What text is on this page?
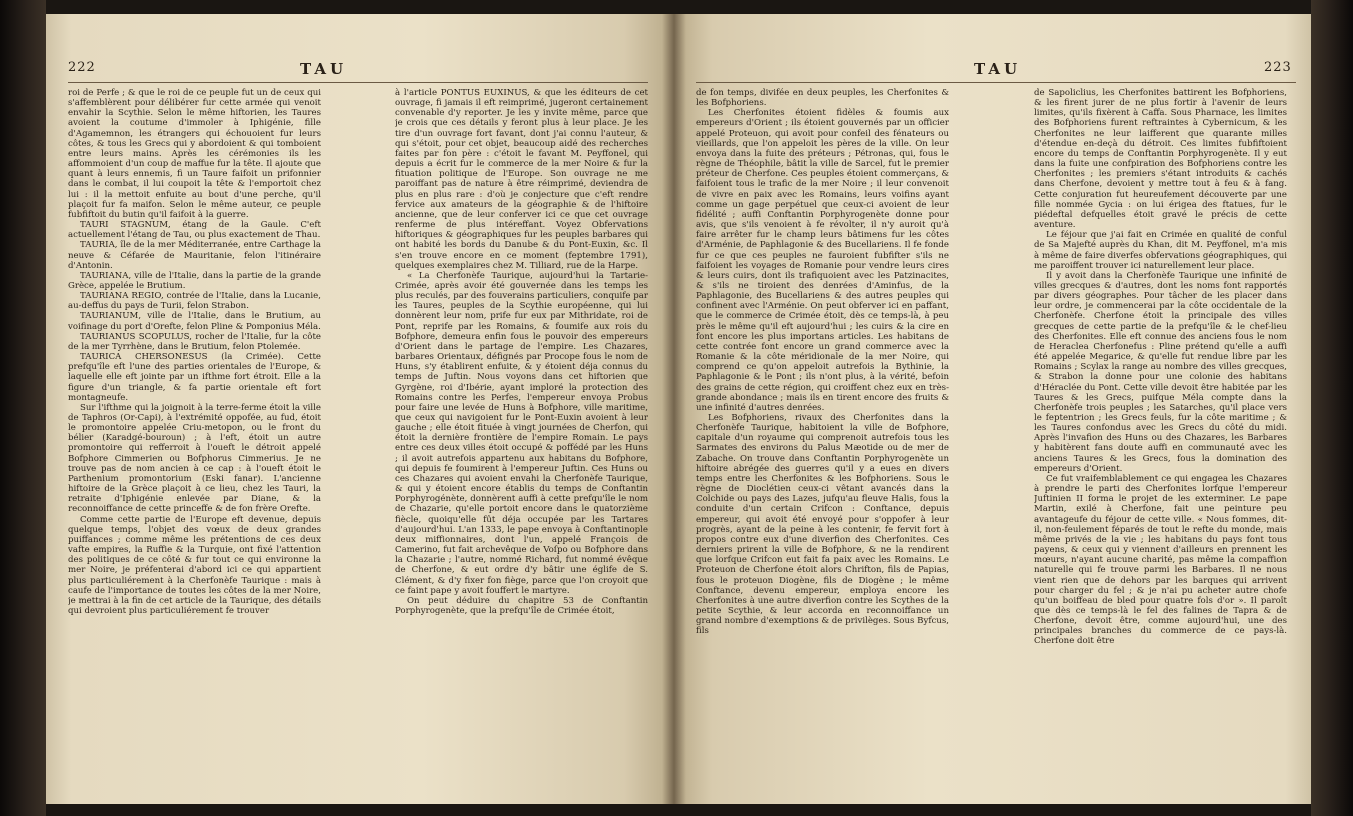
222	TAU

roi de Perfe ; & que le roi de ce peuple fut un de ceux qui s'affemblèrent pour délibérer fur cette armée qui venoit envahir la Scythie. Selon le même hiftorien, les Taures avoient la coutume d'immoler à Iphigénie, fille d'Agamemnon, les étrangers qui échouoient fur leurs côtes, & tous les Grecs qui y abordoient & qui tomboient entre leurs mains. Après les cérémonies ils les affommoient d'un coup de maffue fur la tête. Il ajoute que quant à leurs ennemis, fi un Taure faifoit un prifonnier dans le combat, il lui coupoit la tête & l'emportoit chez lui : il la mettoit enfuite au bout d'une perche, qu'il plaçoit fur fa maifon. Selon le même auteur, ce peuple fubfiftoit du butin qu'il faifoit à la guerre.

TAURI STAGNUM, étang de la Gaule. C'eft actuellement l'étang de Tau, ou plus exactement de Thau.

TAURIA, île de la mer Méditerranée, entre Carthage la neuve & Céfarée de Mauritanie, felon l'itinéraire d'Antonin.

TAURIANA, ville de l'Italie, dans la partie de la grande Grèce, appelée le Brutium.

TAURIANA REGIO, contrée de l'Italie, dans la Lucanie, au-deffus du pays de Turii, felon Strabon.

TAURIANUM, ville de l'Italie, dans le Brutium, au voifinage du port d'Orefte, felon Pline & Pomponius Méla.

TAURIANUS SCOPULUS, rocher de l'Italie, fur la côte de la mer Tyrrhène, dans le Brutium, felon Ptolemée.

TAURICA CHERSONESUS (la Crimée). Cette prefqu'île eft l'une des parties orientales de l'Europe, & laquelle elle eft jointe par un ifthme fort étroit. Elle a la figure d'un triangle, & fa partie orientale eft fort montagneufe.

Sur l'ifthme qui la joignoit à la terre-ferme étoit la ville de Taphros (Or-Capi), à l'extrémité oppofée, au fud, étoit le promontoire appelée Criu-metopon, ou le front du bélier (Karadgé-bouroun) ; à l'eft, étoit un autre promontoire qui refferroit à l'oueft le détroit appelé Bofphore Cimmerien ou Bofphorus Cimmerius. Je ne trouve pas de nom ancien à ce cap : à l'oueft étoit le Parthenium promontorium (Eski fanar). L'ancienne hiftoire de la Grèce plaçoit à ce lieu, chez les Tauri, la retraite d'Iphigénie enlevée par Diane, & la reconnoiffance de cette princeffe & de fon frère Orefte.

Comme cette partie de l'Europe eft devenue, depuis quelque temps, l'objet des vœux de deux grandes puiffances ; comme même les prétentions de ces deux vafte empires, la Ruffie & la Turquie, ont fixé l'attention des politiques de ce côté & fur tout ce qui environne la mer Noire, je préfenterai d'abord ici ce qui appartient plus particuliérement à la Cherfonèfe Taurique : mais à caufe de l'importance de toutes les côtes de la mer Noire, je mettrai à la fin de cet article de la Taurique, des détails qui devroient plus particuliérement fe trouver

à l'article PONTUS EUXINUS, & que les éditeurs de cet ouvrage, fi jamais il eft reimprimé, jugeront certainement convenable d'y reporter. Je les y invite même, parce que je crois que ces détails y feront plus à leur place. Je les tire d'un ouvrage fort favant, dont j'ai connu l'auteur, & qui s'étoit, pour cet objet, beaucoup aidé des recherches faites par fon père : c'étoit le favant M. Peyffonel, qui depuis a écrit fur le commerce de la mer Noire & fur la fituation politique de l'Europe. Son ouvrage ne me paroiffant pas de nature à être réimprimé, deviendra de plus en plus rare : d'où je conjecture que c'eft rendre fervice aux amateurs de la géographie & de l'hiftoire ancienne, que de leur conferver ici ce que cet ouvrage renferme de plus intéreffant. Voyez Obfervations hiftoriques & géographiques fur les peuples barbares qui ont habité les bords du Danube & du Pont-Euxin, &c. Il s'en trouve encore en ce moment (feptembre 1791), quelques exemplaires chez M. Tilliard, rue de la Harpe.

« La Cherfonèfe Taurique, aujourd'hui la Tartarie-Crimée, après avoir été gouvernée dans les temps les plus reculés, par des fouverains particuliers, conquife par les Taures, peuples de la Scythie européenne, qui lui donnèrent leur nom, prife fur eux par Mithridate, roi de Pont, reprife par les Romains, & foumife aux rois du Bofphore, demeura enfin fous le pouvoir des empereurs d'Orient dans le partage de l'empire. Les Chazares, barbares Orientaux, défignés par Procope fous le nom de Huns, s'y établirent enfuite, & y étoient déja connus du temps de Juftin. Nous voyons dans cet hiftorien que Gyrgène, roi d'Ibérie, ayant imploré la protection des Romains contre les Perfes, l'empereur envoya Probus pour faire une levée de Huns à Bofphore, ville maritime, que ceux qui navigoient fur le Pont-Euxin avoient à leur gauche ; elle étoit fituée à vingt journées de Cherfon, qui étoit la dernière frontière de l'empire Romain. Le pays entre ces deux villes étoit occupé & poffédé par les Huns ; il avoit autrefois appartenu aux habitans du Bofphore, qui depuis fe foumirent à l'empereur Juftin. Ces Huns ou ces Chazares qui avoient envahi la Cherfonèfe Taurique, & qui y étoient encore établis du temps de Conftantin Porphyrogénète, donnèrent auffi à cette prefqu'île le nom de Chazarie, qu'elle portoit encore dans le quatorzième fiècle, quoiqu'elle fût déja occupée par les Tartares d'aujourd'hui. L'an 1333, le pape envoya à Conftantinople deux miffionnaires, dont l'un, appelé François de Camerino, fut fait archevêque de Voſpo ou Bofphore dans la Chazarie ; l'autre, nommé Richard, fut nommé évêque de Cherfone, & eut ordre d'y bâtir une églife de S. Clément, & d'y fixer fon fiège, parce que l'on croyoit que ce faint pape y avoit fouffert le martyre.

On peut déduire du chapitre 53 de Conftantin Porphyrogenète, que la prefqu'île de Crimée étoit,

TAU	223

de fon temps, divifée en deux peuples, les Cherfonites & les Bofphoriens.

Les Cherfonites étoient fidèles & foumis aux empereurs d'Orient ; ils étoient gouvernés par un officier appelé Proteuon, qui avoit pour confeil des fénateurs ou vieillards, que l'on appeloit les pères de la ville. On leur envoya dans la fuite des préteurs ; Pétronas, qui, fous le règne de Théophile, bâtit la ville de Sarcel, fut le premier préteur de Cherfone. Ces peuples étoient commerçans, & faifoient tous le trafic de la mer Noire ; il leur convenoit de vivre en paix avec les Romains, leurs voifins ayant comme un gage perpétuel que ceux-ci avoient de leur fidélité ; auffi Conftantin Porphyrogenète donne pour avis, que s'ils venoient à fe révolter, il n'y auroit qu'à faire arrêter fur le champ leurs bâtimens fur les côtes d'Arménie, de Paphlagonie & des Bucellariens. Il fe fonde fur ce que ces peuples ne fauroient fubfifter s'ils ne faifoient les voyages de Romanie pour vendre leurs cires & leurs cuirs, dont ils trafiquoient avec les Patzinacites, & s'ils ne tiroient des denrées d'Aminfus, de la Paphlagonie, des Bucellariens & des autres peuples qui confinent avec l'Arménie. On peut obferver ici en paffant, que le commerce de Crimée étoit, dès ce temps-là, à peu près le même qu'il eft aujourd'hui ; les cuirs & la cire en font encore les plus importans articles. Les habitans de cette contrée font encore un grand commerce avec la Romanie & la côte méridionale de la mer Noire, qui comprend ce qu'on appeloit autrefois la Bythinie, la Paphlagonie & le Pont ; ils n'ont plus, à la vérité, befoin des grains de cette région, qui croiffent chez eux en très-grande abondance ; mais ils en tirent encore des fruits & une infinité d'autres denrées.

Les Bofphoriens, rivaux des Cherfonites dans la Cherfonèfe Taurique, habitoient la ville de Bofphore, capitale d'un royaume qui comprenoit autrefois tous les Sarmates des environs du Palus Mæotide ou de mer de Zabache. On trouve dans Conftantin Porphyrogenète un hiftoire abrégée des guerres qu'il y a eues en divers temps entre les Cherfonites & les Bofphoriens. Sous le règne de Dioclétien ceux-ci vêtant avancés dans la Colchide ou pays des Lazes, jufqu'au fleuve Halis, fous la conduite d'un certain Crifcon : Conftance, depuis empereur, qui avoit été envoyé pour s'oppofer à leur progrès, ayant de la peine à les contenir, fe fervit fort à propos contre eux d'une diverfion des Cherfonites. Ces derniers prirent la ville de Bofphore, & ne la rendirent que lorfque Crifcon eut fait fa paix avec les Romains. Le Proteuon de Cherfone étoit alors Chrifton, fils de Papias, fous le proteuon Diogène, fils de Diogène ; le même Conftance, devenu empereur, employa encore les Cherfonites à une autre diverfion contre les Scythes de la petite Scythie, & leur accorda en reconnoiffance un grand nombre d'exemptions & de privilèges. Sous Byfcus, fils

de Sapoliclius, les Cherfonites battirent les Bofphoriens, & les firent jurer de ne plus fortir à l'avenir de leurs limites, qu'ils fixèrent à Caffa. Sous Pharnace, les limites des Bofphoriens furent reftraintes à Cybernicum, & les Cherfonites ne leur laifferent que quarante milles d'étendue en-deçà du détroit. Ces limites fubfiftoient encore du temps de Conftantin Porphyrogenète. Il y eut dans la fuite une confpiration des Bofphoriens contre les Cherfonites ; les premiers s'étant introduits & cachés dans Cherfone, devoient y mettre tout à feu & à fang. Cette conjuration fut heureufement découverte par une fille nommée Gycia : on lui érigea des ftatues, fur le piédeftal defquelles étoit gravé le précis de cette aventure.

Le féjour que j'ai fait en Crimée en qualité de conful de Sa Majefté auprès du Khan, dit M. Peyffonel, m'a mis à même de faire diverfes obfervations géographiques, qui me paroiffent trouver ici naturellement leur place.

Il y avoit dans la Cherfonèfe Taurique une infinité de villes grecques & d'autres, dont les noms font rapportés par divers géographes. Pour tâcher de les placer dans leur ordre, je commencerai par la côte occidentale de la Cherfonèfe. Cherfone étoit la principale des villes grecques de cette partie de la prefqu'île & le chef-lieu des Cherfonites. Elle eft connue des anciens fous le nom de Heraclea Cherfonefus : Pline prétend qu'elle a auffi été appelée Megarice, & qu'elle fut rendue libre par les Romains ; Scylax la range au nombre des villes grecques, & Strabon la donne pour une colonie des habitans d'Héraclée du Pont. Cette ville devoit être habitée par les Taures & les Grecs, puifque Méla compte dans la Cherfonèfe trois peuples ; les Satarches, qu'il place vers le feptentrion ; les Grecs feuls, fur la côte maritime ; & les Taures confondus avec les Grecs du côté du midi. Après l'invafion des Huns ou des Chazares, les Barbares y habitèrent fans doute auffi en communauté avec les anciens Taures & les Grecs, fous la domination des empereurs d'Orient.

Ce fut vraifemblablement ce qui engagea les Chazares à prendre le parti des Cherfonites lorfque l'empereur Juftinien II forma le projet de les exterminer. Le pape Martin, exilé à Cherfone, fait une peinture peu avantageufe du féjour de cette ville. « Nous fommes, dit-il, non-feulement féparés de tout le refte du monde, mais même privés de la vie ; les habitans du pays font tous payens, & ceux qui y viennent d'ailleurs en prennent les mœurs, n'ayant aucune charité, pas même la compaffion naturelle qui fe trouve parmi les Barbares. Il ne nous vient rien que de dehors par les barques qui arrivent pour charger du fel ; & je n'ai pu acheter autre chofe qu'un boiffeau de bled pour quatre fols d'or ». Il paroît que dès ce temps-là le fel des falines de Tapra & de Cherfone, devoit être, comme aujourd'hui, une des principales branches du commerce de ce pays-là. Cherfone doit être
